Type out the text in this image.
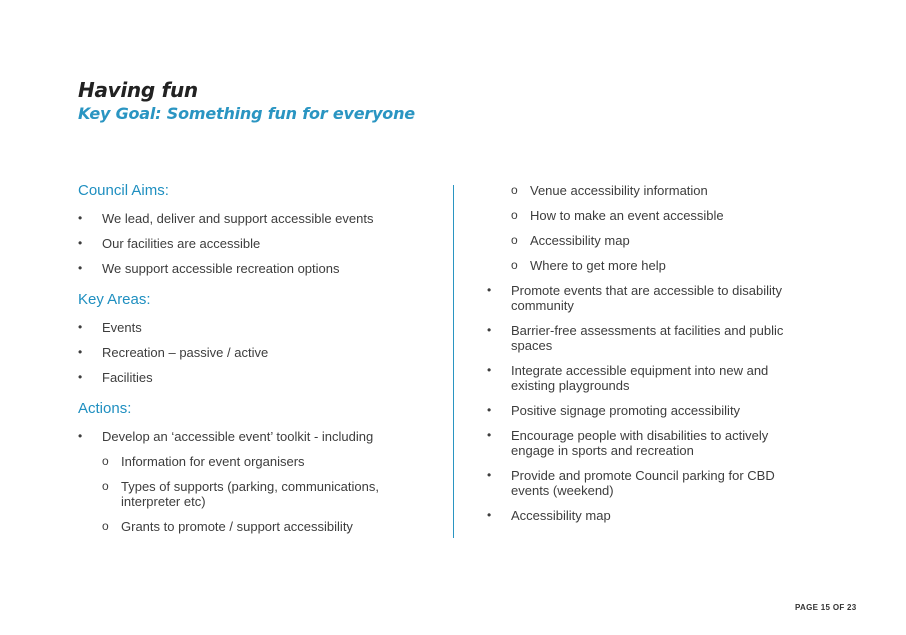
Having fun
Key Goal: Something fun for everyone
Council Aims:
•	We lead, deliver and support accessible events
•	Our facilities are accessible
•	We support accessible recreation options
Key Areas:
•	Events
•	Recreation – passive / active
•	Facilities
Actions:
•	Develop an ‘accessible event’ toolkit - including
o Information for event organisers
o Types of supports (parking, communications, interpreter etc)
o Grants to promote / support accessibility
o Venue accessibility information
o How to make an event accessible
o Accessibility map
o Where to get more help
•	Promote events that are accessible to disability community
•	Barrier-free assessments at facilities and public spaces
•	Integrate accessible equipment into new and existing playgrounds
•	Positive signage promoting accessibility
•	Encourage people with disabilities to actively engage in sports and recreation
•	Provide and promote Council parking for CBD events (weekend)
•	Accessibility map

PAGE 15 OF 23
